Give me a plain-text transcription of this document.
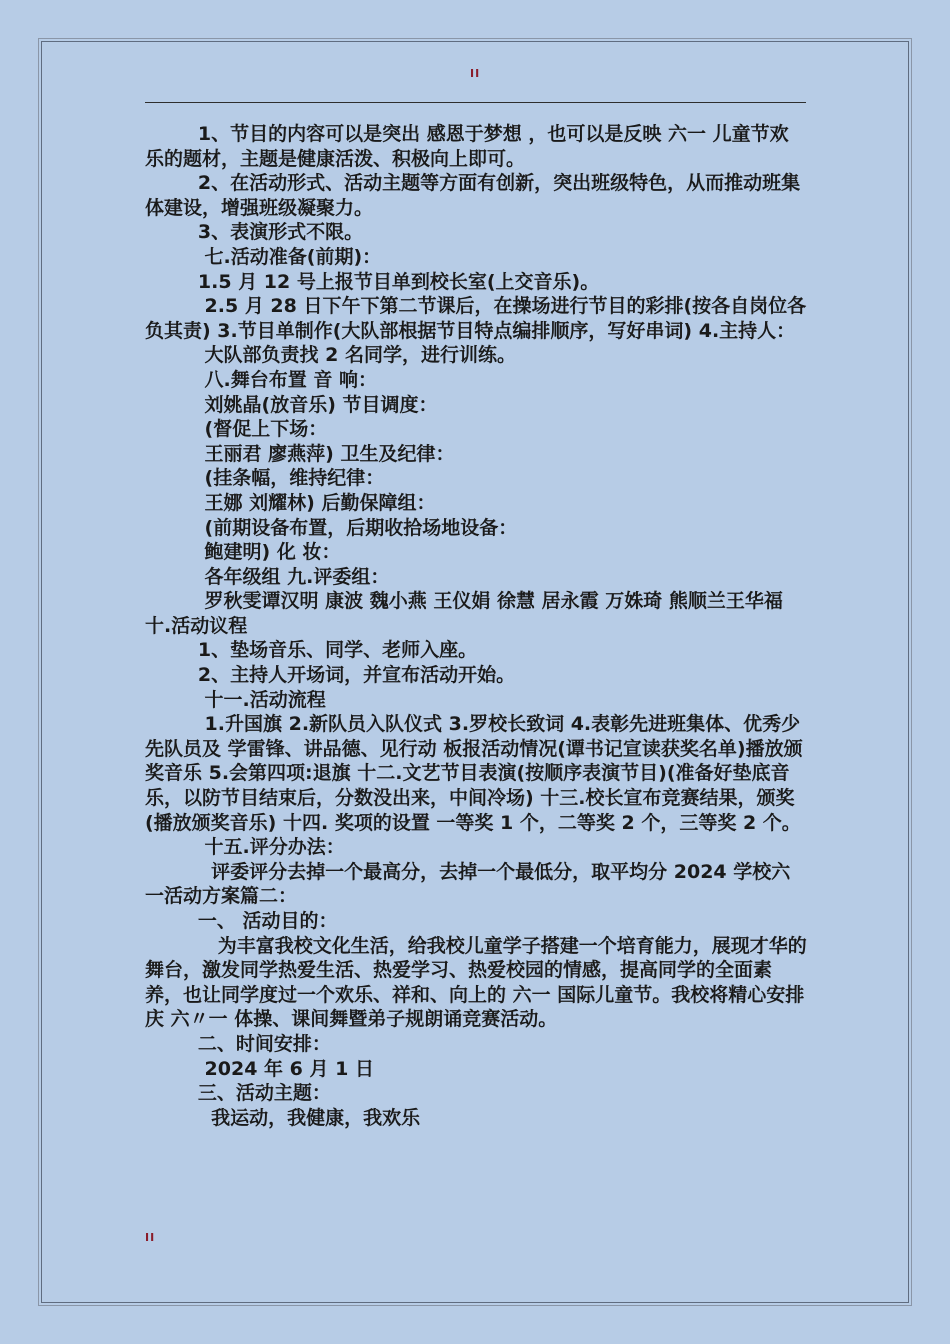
II

1、节目的内容可以是突出 感恩于梦想 ，也可以是反映 六一 儿童节欢乐的题材，主题是健康活泼、积极向上即可。

2、在活动形式、活动主题等方面有创新，突出班级特色，从而推动班集体建设，增强班级凝聚力。

3、表演形式不限。

七.活动准备(前期)：

1.5 月 12 号上报节目单到校长室(上交音乐)。

2.5 月 28 日下午下第二节课后，在操场进行节目的彩排(按各自岗位各负其责) 3.节目单制作(大队部根据节目特点编排顺序，写好串词) 4.主持人：

大队部负责找 2 名同学，进行训练。

八.舞台布置 音 响：

刘姚晶(放音乐) 节目调度：

(督促上下场：

王丽君 廖燕萍) 卫生及纪律：

(挂条幅，维持纪律：

王娜 刘耀林) 后勤保障组：

(前期设备布置，后期收拾场地设备：

鲍建明) 化 妆：

各年级组 九.评委组：

罗秋雯谭汉明 康波 魏小燕 王仪娟 徐慧 居永霞 万姝琦 熊顺兰王华福 十.活动议程

1、垫场音乐、同学、老师入座。

2、主持人开场词，并宣布活动开始。

十一.活动流程

1.升国旗 2.新队员入队仪式 3.罗校长致词 4.表彰先进班集体、优秀少先队员及 学雷锋、讲品德、见行动 板报活动情况(谭书记宣读获奖名单)播放颁奖音乐 5.会第四项:退旗 十二.文艺节目表演(按顺序表演节目)(准备好垫底音乐，以防节目结束后，分数没出来，中间冷场) 十三.校长宣布竞赛结果，颁奖(播放颁奖音乐) 十四. 奖项的设置 一等奖 1 个，二等奖 2 个，三等奖 2 个。

十五.评分办法：

评委评分去掉一个最高分，去掉一个最低分，取平均分 2024 学校六一活动方案篇二：

一、 活动目的：

为丰富我校文化生活，给我校儿童学子搭建一个培育能力，展现才华的舞台，激发同学热爱生活、热爱学习、热爱校园的情感，提高同学的全面素养，也让同学度过一个欢乐、祥和、向上的 六一 国际儿童节。我校将精心安排庆 六〃一 体操、课间舞暨弟子规朗诵竞赛活动。

二、时间安排：

2024 年 6 月 1 日

三、活动主题：

我运动，我健康，我欢乐

II
